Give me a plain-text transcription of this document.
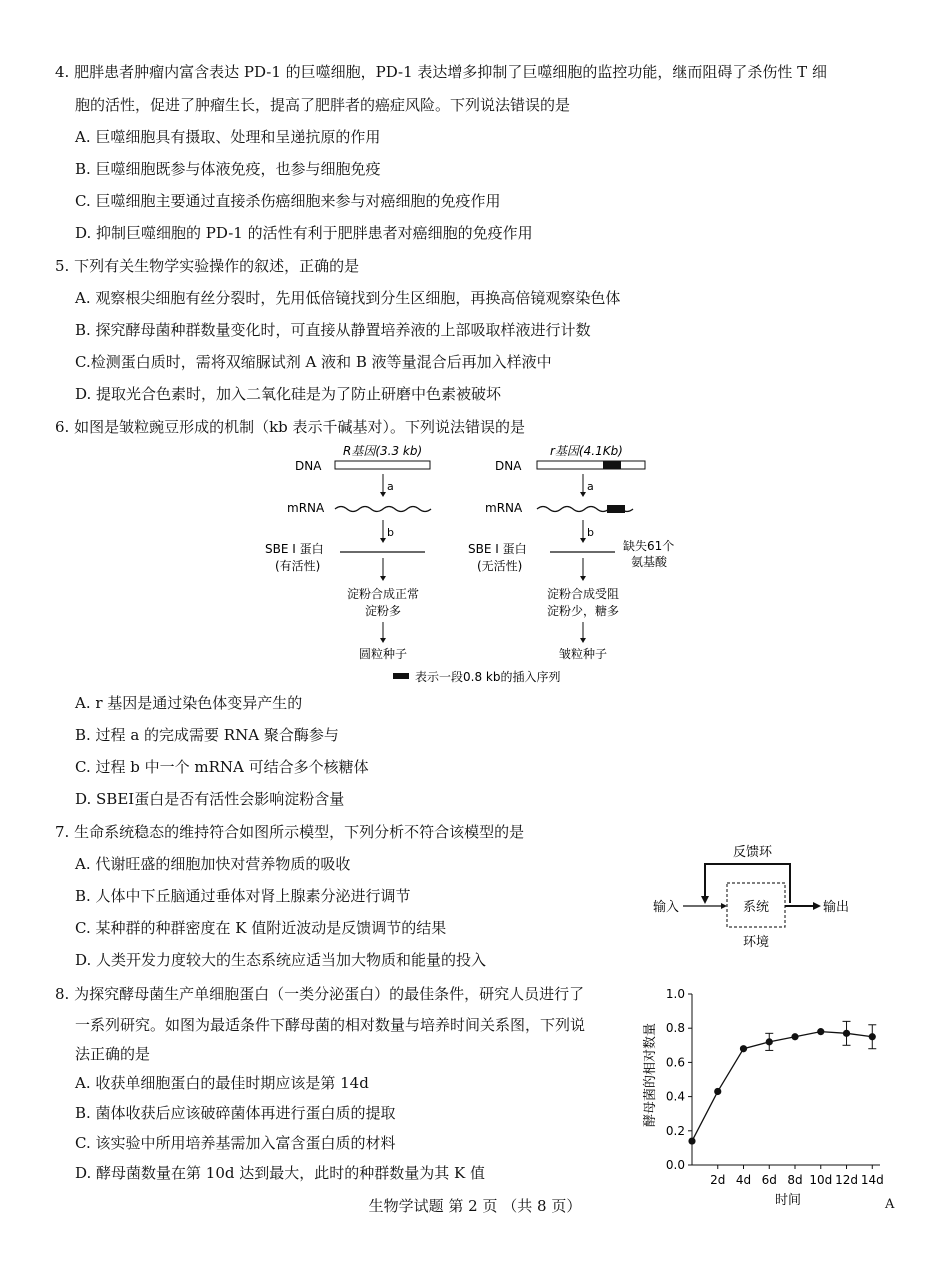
4. 肥胖患者肿瘤内富含表达 PD-1 的巨噬细胞，PD-1 表达增多抑制了巨噬细胞的监控功能，继而阻碍了杀伤性 T 细
胞的活性，促进了肿瘤生长，提高了肥胖者的癌症风险。下列说法错误的是
A. 巨噬细胞具有摄取、处理和呈递抗原的作用
B. 巨噬细胞既参与体液免疫，也参与细胞免疫
C. 巨噬细胞主要通过直接杀伤癌细胞来参与对癌细胞的免疫作用
D. 抑制巨噬细胞的 PD-1 的活性有利于肥胖患者对癌细胞的免疫作用
5. 下列有关生物学实验操作的叙述，正确的是
A. 观察根尖细胞有丝分裂时，先用低倍镜找到分生区细胞，再换高倍镜观察染色体
B. 探究酵母菌种群数量变化时，可直接从静置培养液的上部吸取样液进行计数
C.检测蛋白质时，需将双缩脲试剂 A 液和 B 液等量混合后再加入样液中
D. 提取光合色素时，加入二氧化硅是为了防止研磨中色素被破坏
6. 如图是皱粒豌豆形成的机制（kb 表示千碱基对）。下列说法错误的是
R基因(3.3 kb)
DNA
a
mRNA
b
SBE Ⅰ 蛋白
(有活性)
淀粉合成正常
淀粉多
圆粒种子
r基因(4.1Kb)
DNA
a
mRNA
b
SBE Ⅰ 蛋白
(无活性)
缺失61个
氨基酸
淀粉合成受阻
淀粉少，糖多
皱粒种子
表示一段0.8 kb的插入序列
A. r 基因是通过染色体变异产生的
B. 过程 a 的完成需要 RNA 聚合酶参与
C. 过程 b 中一个 mRNA 可结合多个核糖体
D. SBEI蛋白是否有活性会影响淀粉含量
7. 生命系统稳态的维持符合如图所示模型，下列分析不符合该模型的是
A. 代谢旺盛的细胞加快对营养物质的吸收
B. 人体中下丘脑通过垂体对肾上腺素分泌进行调节
C. 某种群的种群密度在 K 值附近波动是反馈调节的结果
D. 人类开发力度较大的生态系统应适当加大物质和能量的投入
反馈环
输入	系统	输出
环境
8. 为探究酵母菌生产单细胞蛋白（一类分泌蛋白）的最佳条件，研究人员进行了
一系列研究。如图为最适条件下酵母菌的相对数量与培养时间关系图，下列说
法正确的是
A. 收获单细胞蛋白的最佳时期应该是第 14d
B. 菌体收获后应该破碎菌体再进行蛋白质的提取
C. 该实验中所用培养基需加入富含蛋白质的材料
D. 酵母菌数量在第 10d 达到最大，此时的种群数量为其 K 值	0.0
0.2
0.4
0.6
0.8
1.0
2d 4d 6d 8d 10d 12d 14d
时间
酵母菌的相对数量
生物学试题 第 2 页 （共 8 页）	A
